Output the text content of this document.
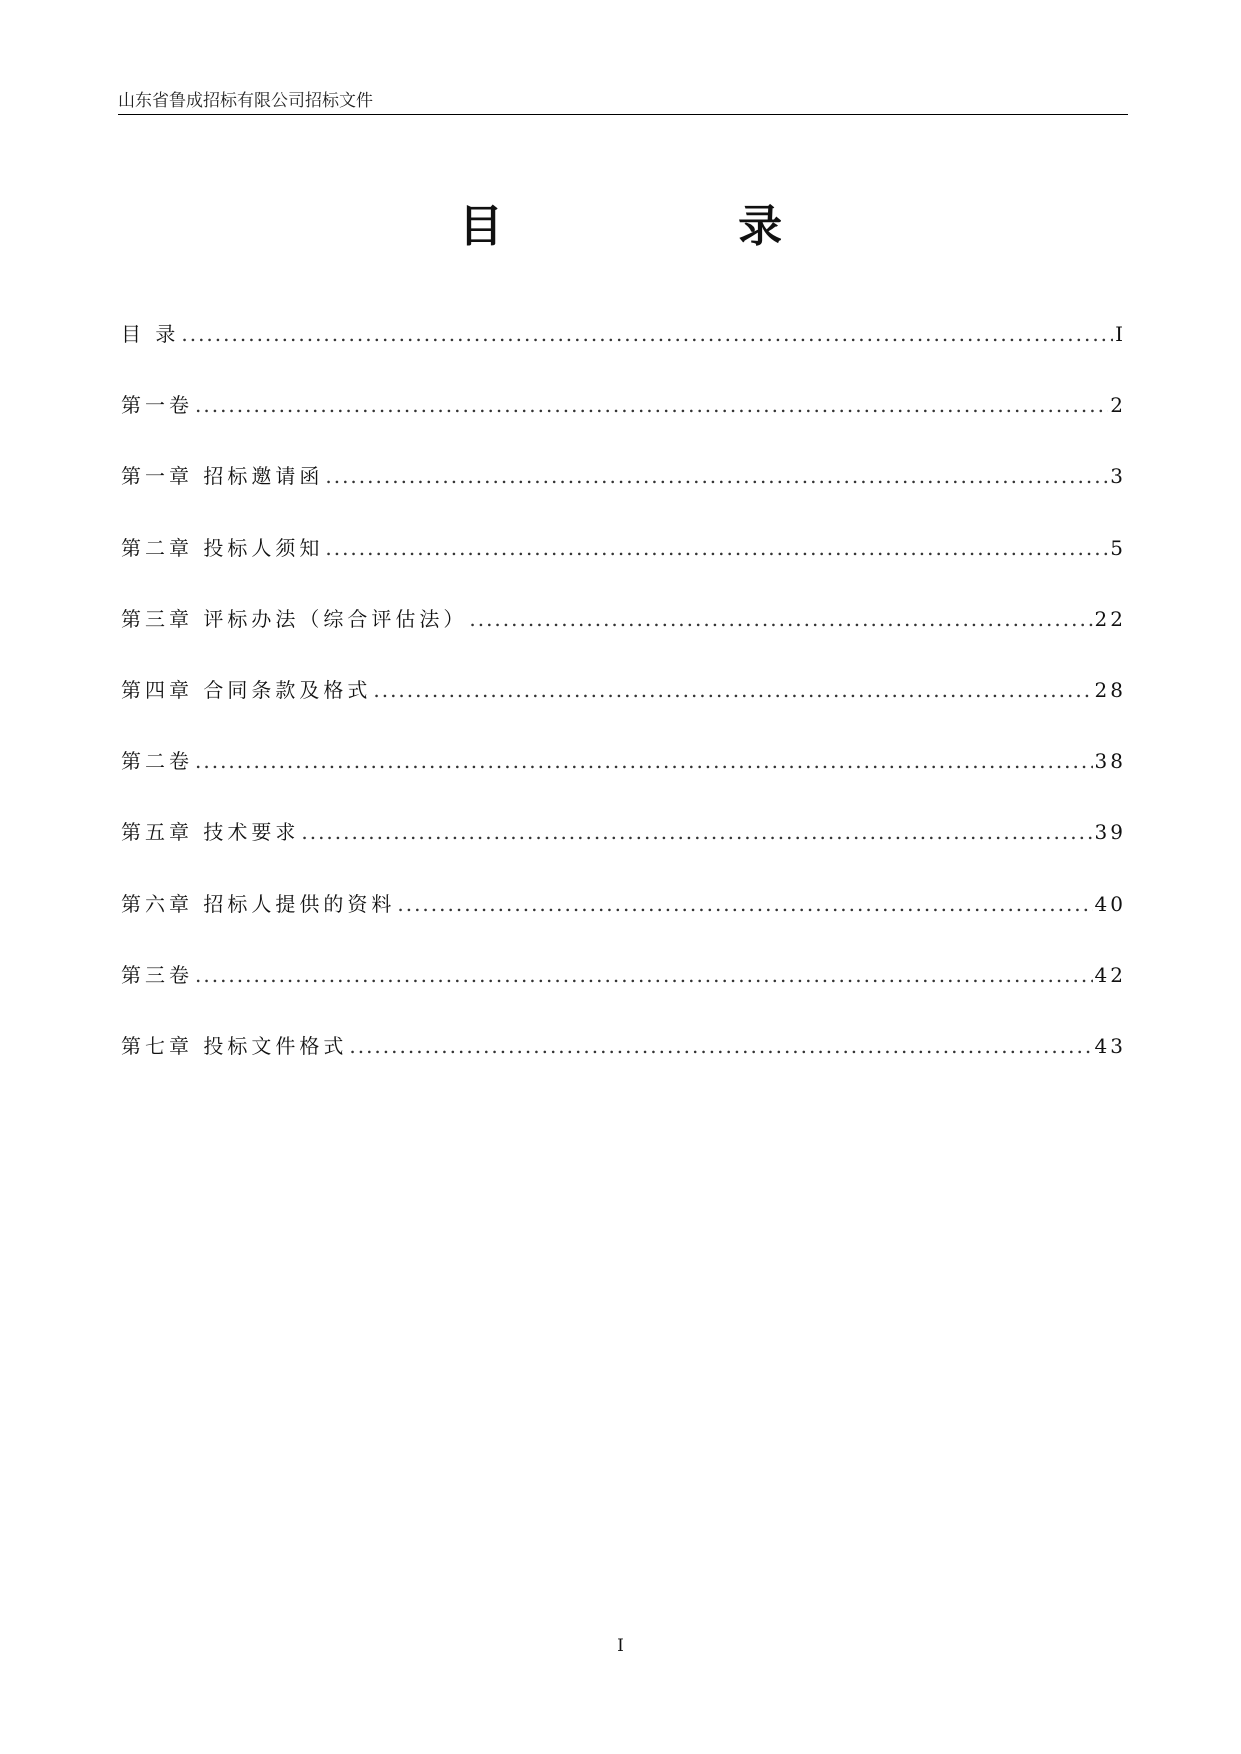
山东省鲁成招标有限公司招标文件
目 录
目 录 .....	I
第一卷 .....	2
第一章 招标邀请函 .....	3
第二章 投标人须知 .....	5
第三章 评标办法（综合评估法） .....	22
第四章 合同条款及格式 .....	28
第二卷 .....	38
第五章 技术要求 .....	39
第六章 招标人提供的资料 .....	40
第三卷 .....	42
第七章 投标文件格式 .....	43
I
